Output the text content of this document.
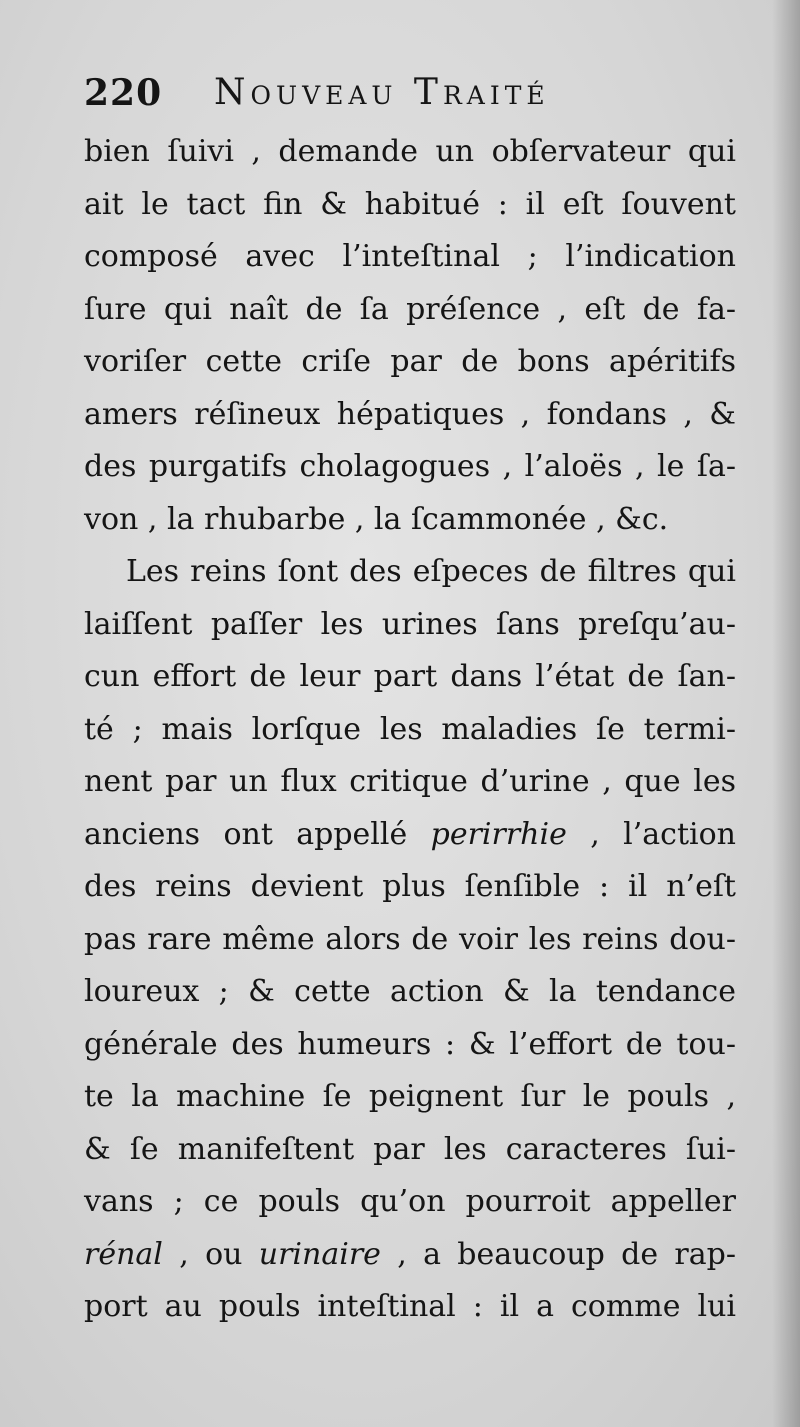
220 Nouveau Traité
bien ſuivi , demande un obſervateur qui
ait le tact fin & habitué : il eſt ſouvent
composé avec l’inteſtinal ; l’indication
ſure qui naît de ſa préſence , eſt de fa-
voriſer cette criſe par de bons apéritifs
amers réſineux hépatiques , fondans , &
des purgatifs cholagogues , l’aloës , le ſa-
von , la rhubarbe , la ſcammonée , &c.
Les reins ſont des eſpeces de filtres qui
laiſſent paſſer les urines ſans preſqu’au-
cun effort de leur part dans l’état de ſan-
té ; mais lorſque les maladies ſe termi-
nent par un flux critique d’urine , que les
anciens ont appellé perirrhie , l’action
des reins devient plus ſenſible : il n’eſt
pas rare même alors de voir les reins dou-
loureux ; & cette action & la tendance
générale des humeurs : & l’effort de tou-
te la machine ſe peignent ſur le pouls ,
& ſe manifeſtent par les caracteres ſui-
vans ; ce pouls qu’on pourroit appeller
rénal , ou urinaire , a beaucoup de rap-
port au pouls inteſtinal : il a comme lui
